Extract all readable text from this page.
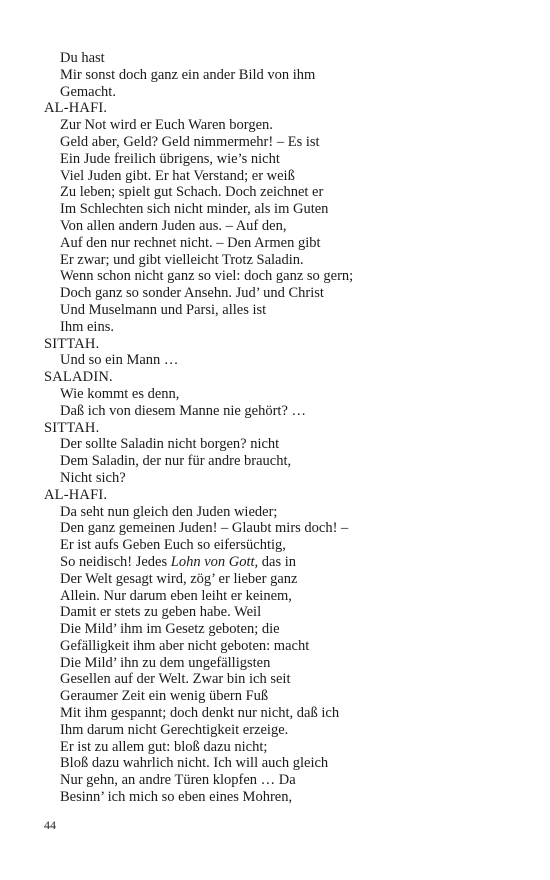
Du hast
Mir sonst doch ganz ein ander Bild von ihm
Gemacht.
AL-HAFI.
Zur Not wird er Euch Waren borgen.
Geld aber, Geld? Geld nimmermehr! – Es ist
Ein Jude freilich übrigens, wie’s nicht
Viel Juden gibt. Er hat Verstand; er weiß
Zu leben; spielt gut Schach. Doch zeichnet er
Im Schlechten sich nicht minder, als im Guten
Von allen andern Juden aus. – Auf den,
Auf den nur rechnet nicht. – Den Armen gibt
Er zwar; und gibt vielleicht Trotz Saladin.
Wenn schon nicht ganz so viel: doch ganz so gern;
Doch ganz so sonder Ansehn. Jud’ und Christ
Und Muselmann und Parsi, alles ist
Ihm eins.
SITTAH.
Und so ein Mann …
SALADIN.
Wie kommt es denn,
Daß ich von diesem Manne nie gehört? …
SITTAH.
Der sollte Saladin nicht borgen? nicht
Dem Saladin, der nur für andre braucht,
Nicht sich?
AL-HAFI.
Da seht nun gleich den Juden wieder;
Den ganz gemeinen Juden! – Glaubt mirs doch! –
Er ist aufs Geben Euch so eifersüchtig,
So neidisch! Jedes Lohn von Gott, das in
Der Welt gesagt wird, zög’ er lieber ganz
Allein. Nur darum eben leiht er keinem,
Damit er stets zu geben habe. Weil
Die Mild’ ihm im Gesetz geboten; die
Gefälligkeit ihm aber nicht geboten: macht
Die Mild’ ihn zu dem ungefälligsten
Gesellen auf der Welt. Zwar bin ich seit
Geraumer Zeit ein wenig übern Fuß
Mit ihm gespannt; doch denkt nur nicht, daß ich
Ihm darum nicht Gerechtigkeit erzeige.
Er ist zu allem gut: bloß dazu nicht;
Bloß dazu wahrlich nicht. Ich will auch gleich
Nur gehn, an andre Türen klopfen … Da
Besinn’ ich mich so eben eines Mohren,
44
